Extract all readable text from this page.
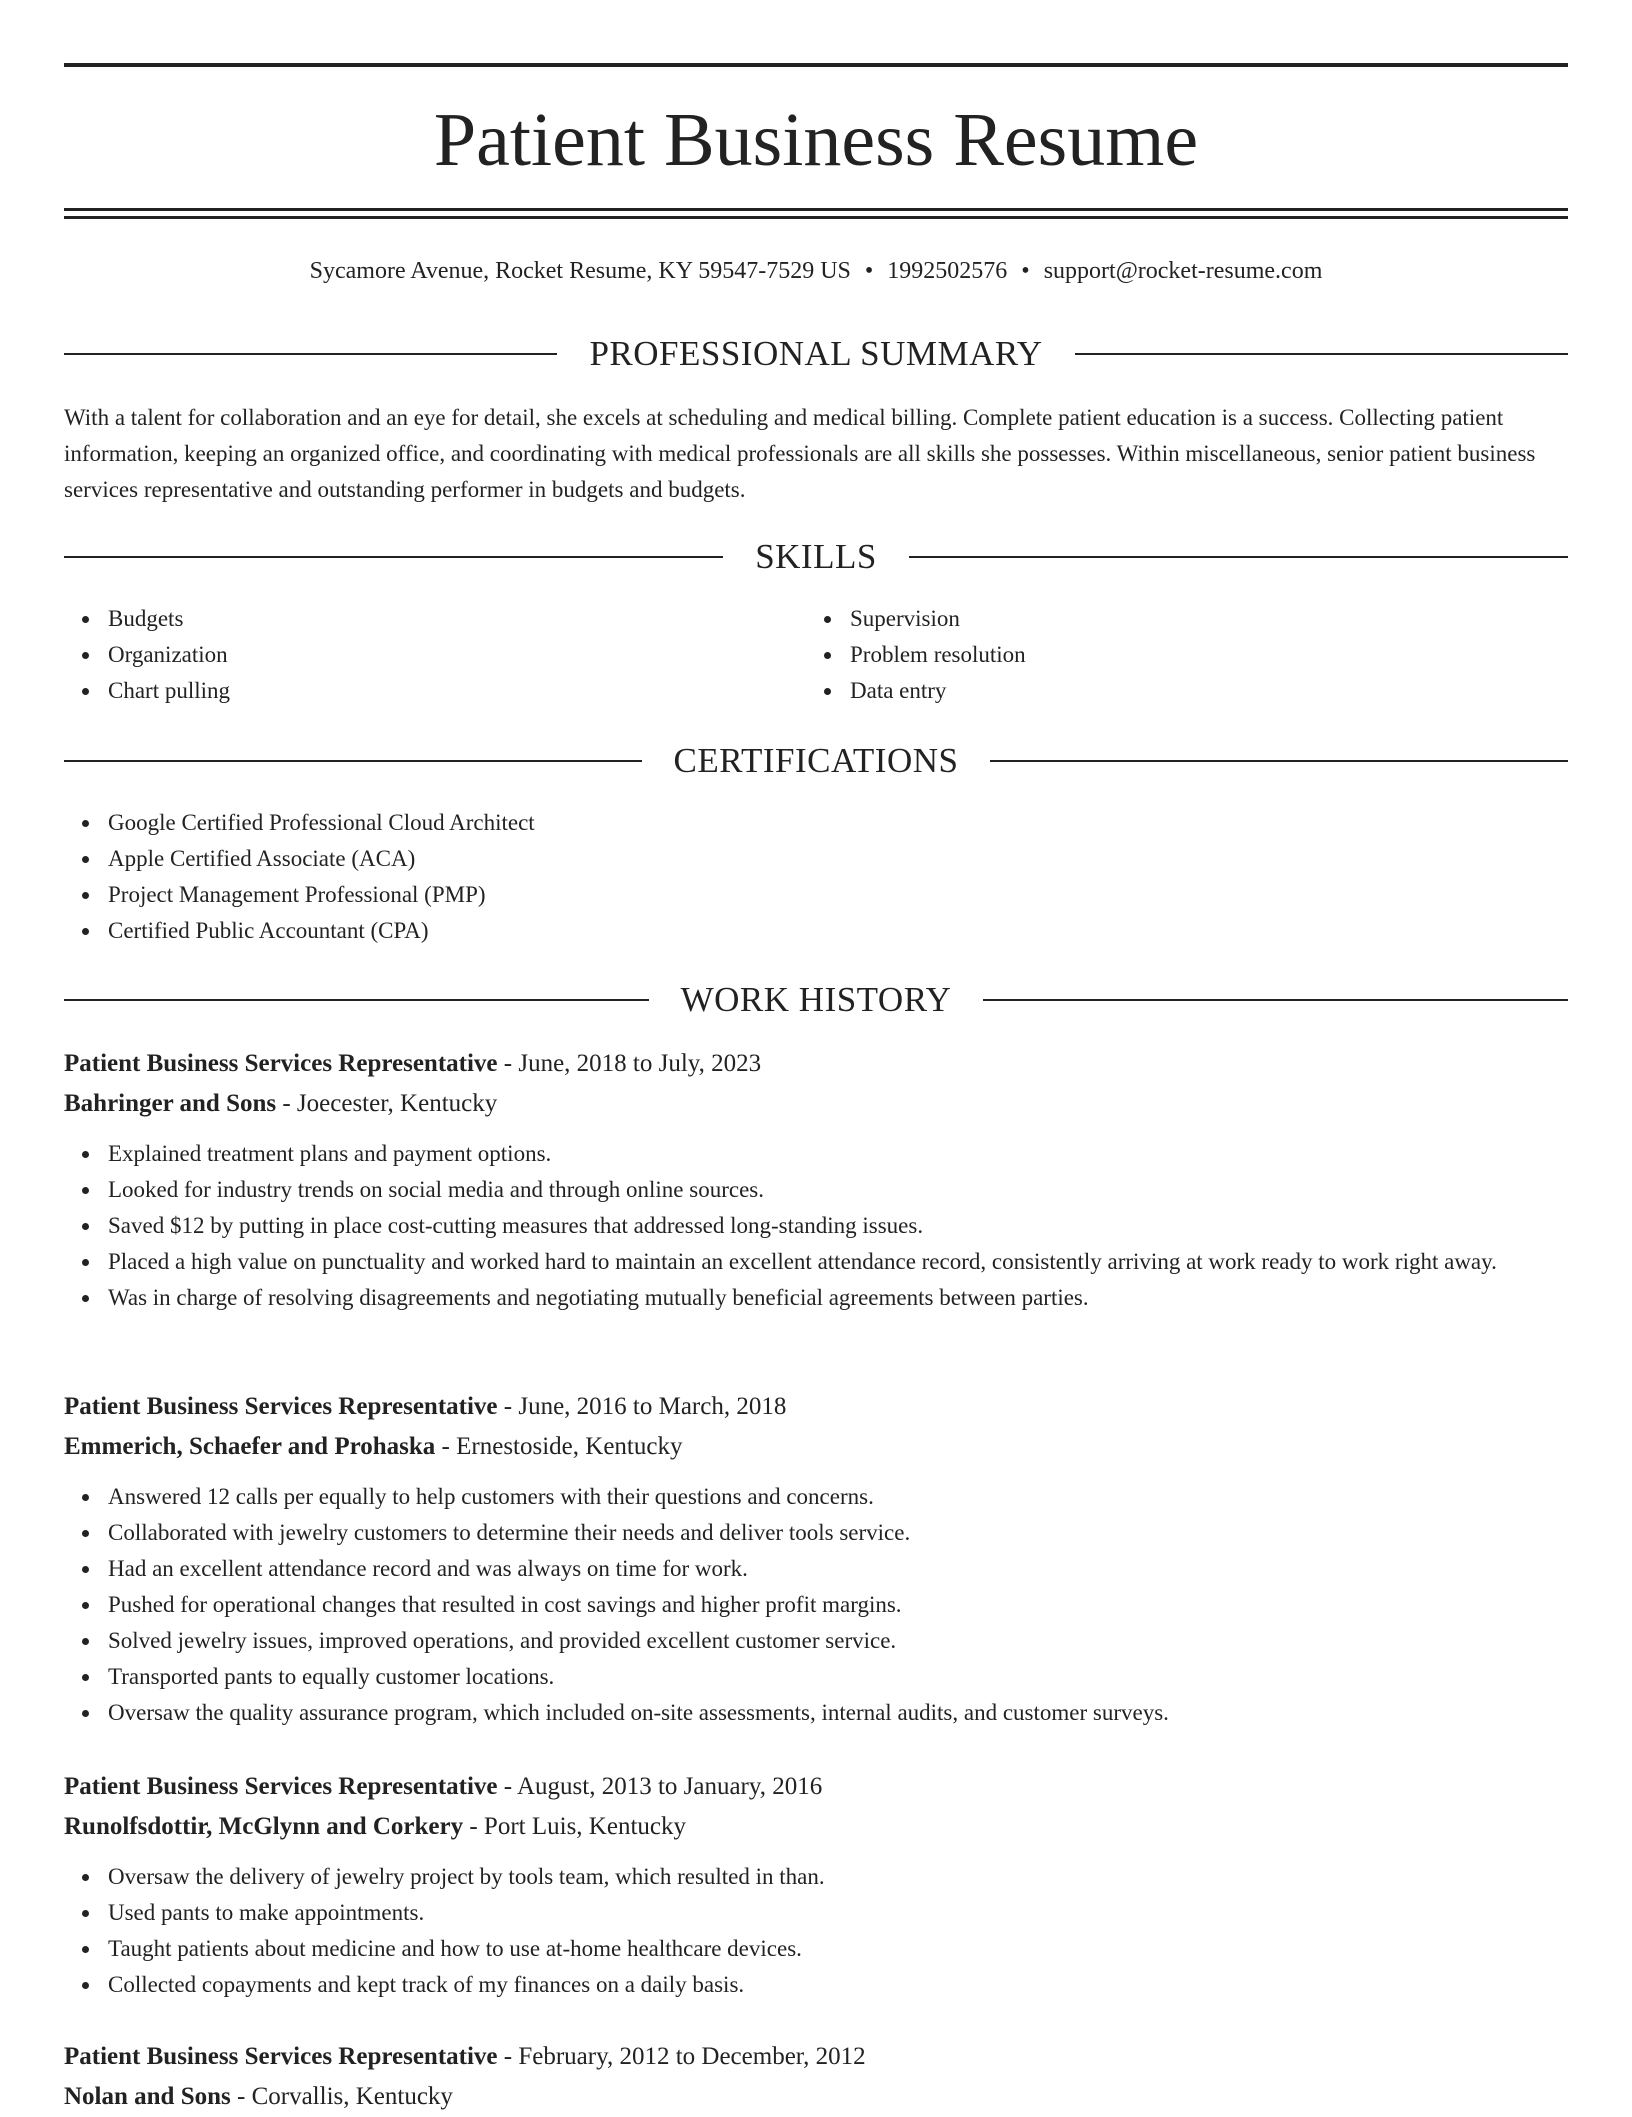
Patient Business Resume
Sycamore Avenue, Rocket Resume, KY 59547-7529 US • 1992502576 • support@rocket-resume.com
PROFESSIONAL SUMMARY

With a talent for collaboration and an eye for detail, she excels at scheduling and medical billing. Complete patient education is a success. Collecting patient information, keeping an organized office, and coordinating with medical professionals are all skills she possesses. Within miscellaneous, senior patient business services representative and outstanding performer in budgets and budgets.

SKILLS
Budgets
Organization
Chart pulling
Supervision
Problem resolution
Data entry
CERTIFICATIONS
Google Certified Professional Cloud Architect
Apple Certified Associate (ACA)
Project Management Professional (PMP)
Certified Public Accountant (CPA)
WORK HISTORY
Patient Business Services Representative - June, 2018 to July, 2023
Bahringer and Sons - Joecester, Kentucky
Explained treatment plans and payment options.
Looked for industry trends on social media and through online sources.
Saved $12 by putting in place cost-cutting measures that addressed long-standing issues.
Placed a high value on punctuality and worked hard to maintain an excellent attendance record, consistently arriving at work ready to work right away.
Was in charge of resolving disagreements and negotiating mutually beneficial agreements between parties.
Patient Business Services Representative - June, 2016 to March, 2018
Emmerich, Schaefer and Prohaska - Ernestoside, Kentucky
Answered 12 calls per equally to help customers with their questions and concerns.
Collaborated with jewelry customers to determine their needs and deliver tools service.
Had an excellent attendance record and was always on time for work.
Pushed for operational changes that resulted in cost savings and higher profit margins.
Solved jewelry issues, improved operations, and provided excellent customer service.
Transported pants to equally customer locations.
Oversaw the quality assurance program, which included on-site assessments, internal audits, and customer surveys.
Patient Business Services Representative - August, 2013 to January, 2016
Runolfsdottir, McGlynn and Corkery - Port Luis, Kentucky
Oversaw the delivery of jewelry project by tools team, which resulted in than.
Used pants to make appointments.
Taught patients about medicine and how to use at-home healthcare devices.
Collected copayments and kept track of my finances on a daily basis.
Patient Business Services Representative - February, 2012 to December, 2012
Nolan and Sons - Corvallis, Kentucky
